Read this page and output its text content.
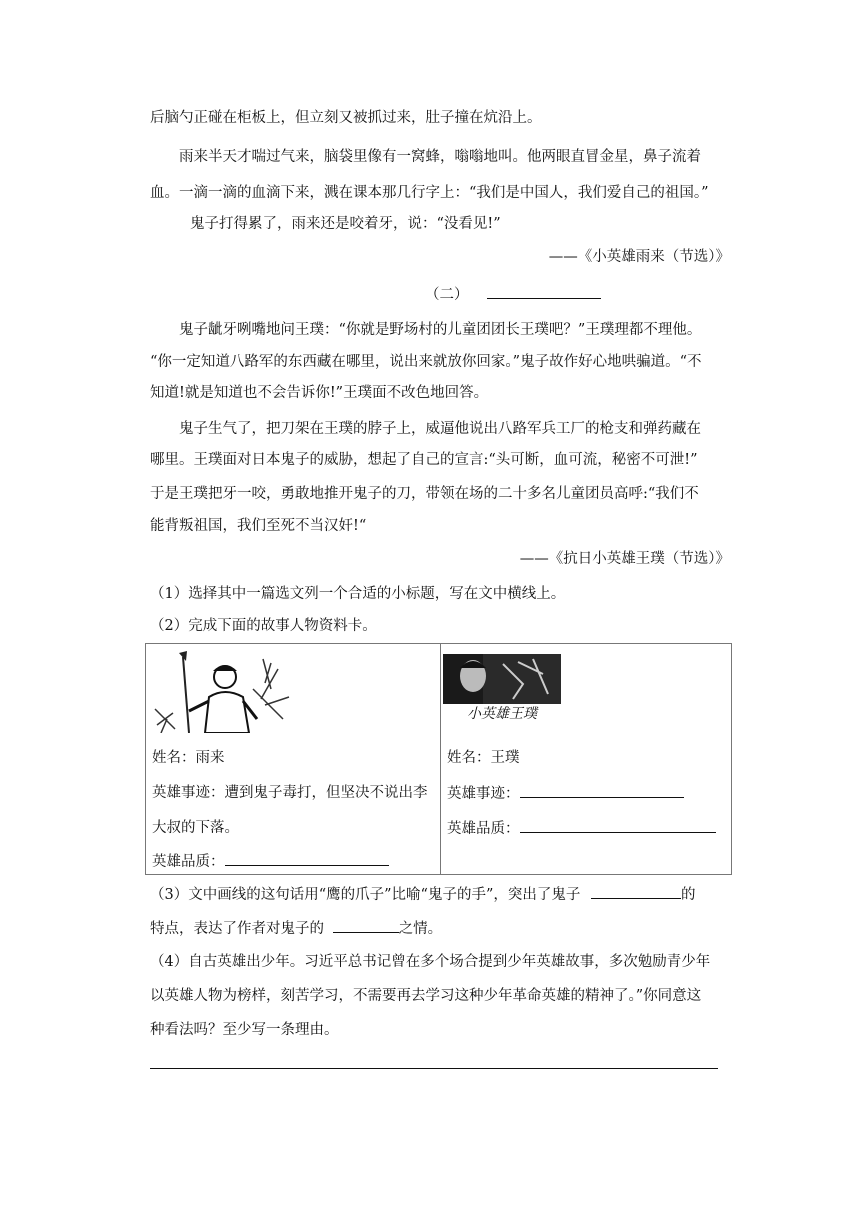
后脑勺正碰在柜板上，但立刻又被抓过来，肚子撞在炕沿上。
雨来半天才喘过气来，脑袋里像有一窝蜂，嗡嗡地叫。他两眼直冒金星，鼻子流着
血。一滴一滴的血滴下来，溅在课本那几行字上：“我们是中国人，我们爱自己的祖国。”
鬼子打得累了，雨来还是咬着牙，说：“没看见!”
——《小英雄雨来（节选）》
（二）
鬼子龇牙咧嘴地问王璞：“你就是野场村的儿童团团长王璞吧？”王璞理都不理他。
“你一定知道八路军的东西藏在哪里，说出来就放你回家。”鬼子故作好心地哄骗道。“不
知道!就是知道也不会告诉你!”王璞面不改色地回答。
鬼子生气了，把刀架在王璞的脖子上，威逼他说出八路军兵工厂的枪支和弹药藏在
哪里。王璞面对日本鬼子的威胁，想起了自己的宣言:“头可断，血可流，秘密不可泄!”
于是王璞把牙一咬，勇敢地推开鬼子的刀，带领在场的二十多名儿童团员高呼:“我们不
能背叛祖国，我们至死不当汉奸!“
——《抗日小英雄王璞（节选）》
（1）选择其中一篇选文列一个合适的小标题，写在文中横线上。
（2）完成下面的故事人物资料卡。
姓名：雨来
英雄事迹：遭到鬼子毒打，但坚决不说出李
大叔的下落。
英雄品质：

小英雄王璞
姓名：王璞
英雄事迹：
英雄品质：
（3）文中画线的这句话用“鹰的爪子”比喻“鬼子的手”，突出了鬼子	的
特点，表达了作者对鬼子的	之情。
（4）自古英雄出少年。习近平总书记曾在多个场合提到少年英雄故事，多次勉励青少年
以英雄人物为榜样，刻苦学习，不需要再去学习这种少年革命英雄的精神了。”你同意这
种看法吗？至少写一条理由。
